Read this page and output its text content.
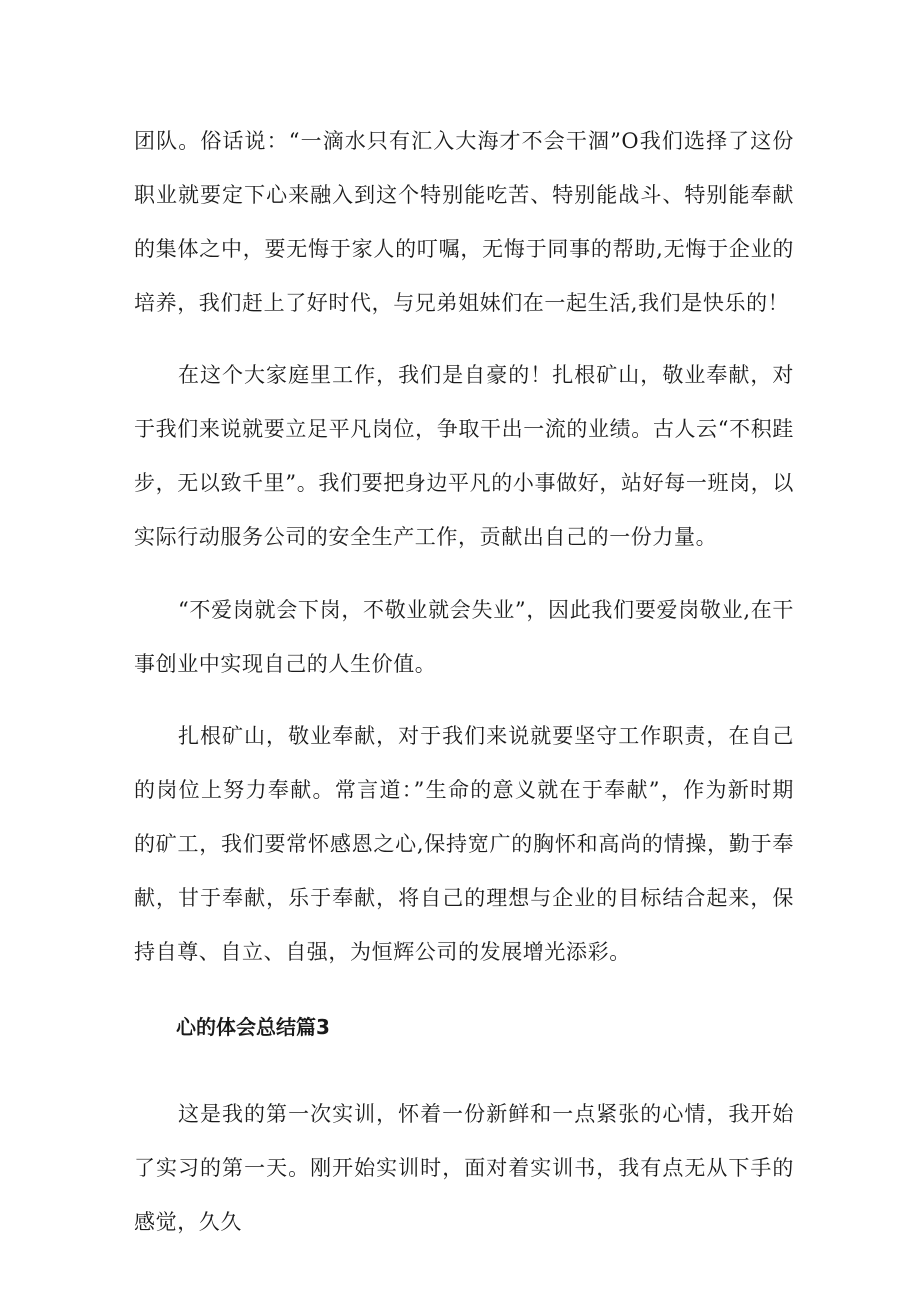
团队。俗话说：“一滴水只有汇入大海才不会干涸”O我们选择了这份职业就要定下心来融入到这个特别能吃苦、特别能战斗、特别能奉献的集体之中，要无悔于家人的叮嘱，无悔于同事的帮助,无悔于企业的培养，我们赶上了好时代，与兄弟姐妹们在一起生活,我们是快乐的！

在这个大家庭里工作，我们是自豪的！扎根矿山，敬业奉献，对于我们来说就要立足平凡岗位，争取干出一流的业绩。古人云“不积跬步，无以致千里”。我们要把身边平凡的小事做好，站好每一班岗，以实际行动服务公司的安全生产工作，贡献出自己的一份力量。

“不爱岗就会下岗，不敬业就会失业”，因此我们要爱岗敬业,在干事创业中实现自己的人生价值。

扎根矿山，敬业奉献，对于我们来说就要坚守工作职责，在自己的岗位上努力奉献。常言道：”生命的意义就在于奉献”，作为新时期的矿工，我们要常怀感恩之心,保持宽广的胸怀和高尚的情操，勤于奉献，甘于奉献，乐于奉献，将自己的理想与企业的目标结合起来，保持自尊、自立、自强，为恒辉公司的发展增光添彩。

心的体会总结篇3

这是我的第一次实训，怀着一份新鲜和一点紧张的心情，我开始了实习的第一天。刚开始实训时，面对着实训书，我有点无从下手的感觉，久久
